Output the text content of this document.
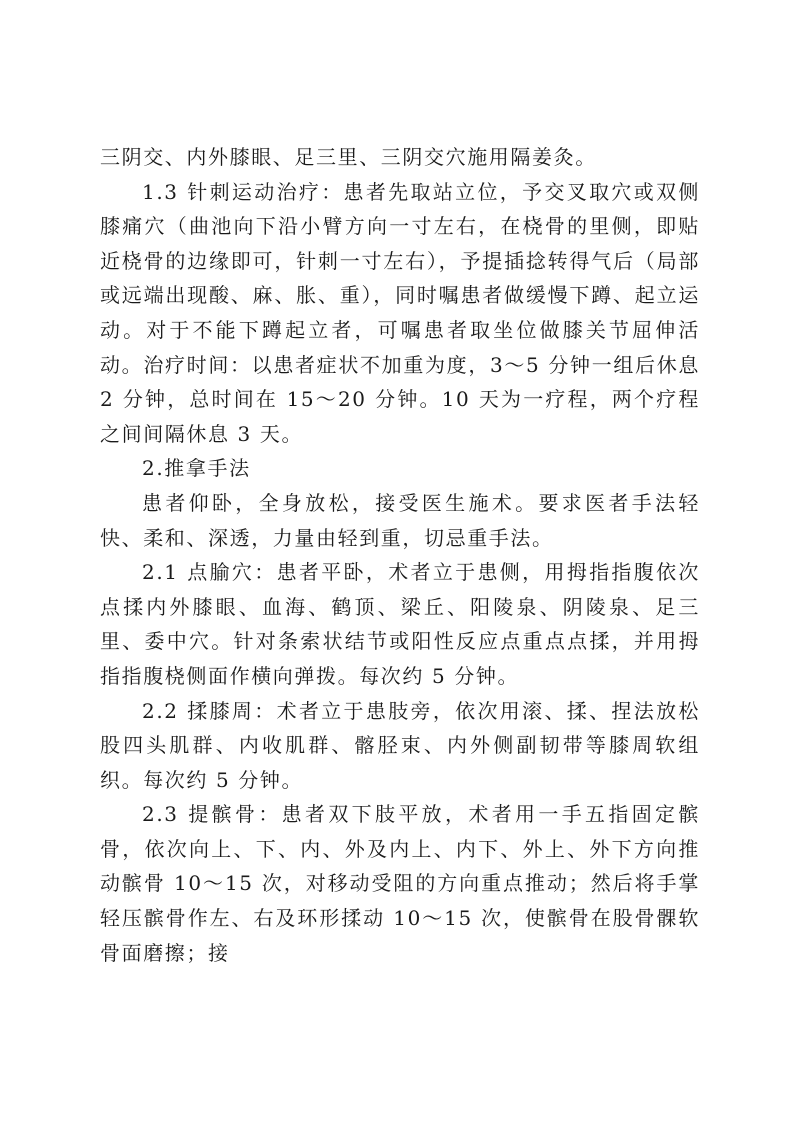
三阴交、内外膝眼、足三里、三阴交穴施用隔姜灸。

1.3 针刺运动治疗：患者先取站立位，予交叉取穴或双侧膝痛穴（曲池向下沿小臂方向一寸左右，在桡骨的里侧，即贴近桡骨的边缘即可，针刺一寸左右），予提插捻转得气后（局部或远端出现酸、麻、胀、重），同时嘱患者做缓慢下蹲、起立运动。对于不能下蹲起立者，可嘱患者取坐位做膝关节屈伸活动。治疗时间：以患者症状不加重为度，3～5 分钟一组后休息 2 分钟，总时间在 15～20 分钟。10 天为一疗程，两个疗程之间间隔休息 3 天。

2.推拿手法

患者仰卧，全身放松，接受医生施术。要求医者手法轻快、柔和、深透，力量由轻到重，切忌重手法。

2.1 点腧穴：患者平卧，术者立于患侧，用拇指指腹依次点揉内外膝眼、血海、鹤顶、梁丘、阳陵泉、阴陵泉、足三里、委中穴。针对条索状结节或阳性反应点重点点揉，并用拇指指腹桡侧面作横向弹拨。每次约 5 分钟。

2.2 揉膝周：术者立于患肢旁，依次用滚、揉、捏法放松股四头肌群、内收肌群、髂胫束、内外侧副韧带等膝周软组织。每次约 5 分钟。

2.3 提髌骨：患者双下肢平放，术者用一手五指固定髌骨，依次向上、下、内、外及内上、内下、外上、外下方向推动髌骨 10～15 次，对移动受阻的方向重点推动；然后将手掌轻压髌骨作左、右及环形揉动 10～15 次，使髌骨在股骨髁软骨面磨擦；接
